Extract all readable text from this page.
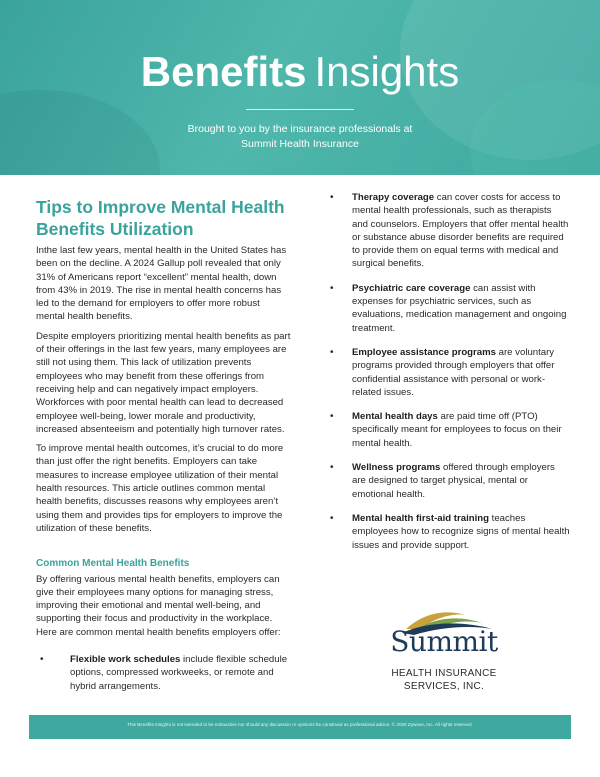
Benefits Insights
Brought to you by the insurance professionals at
Summit Health Insurance
Tips to Improve Mental Health Benefits Utilization

Inthe last few years, mental health in the United States has been on the decline. A 2024 Gallup poll revealed that only 31% of Americans report “excellent” mental health, down from 43% in 2019. The rise in mental health concerns has led to the demand for employers to offer more robust mental health benefits.

Despite employers prioritizing mental health benefits as part of their offerings in the last few years, many employees are still not using them. This lack of utilization prevents employees who may benefit from these offerings from receiving help and can negatively impact employers. Workforces with poor mental health can lead to decreased employee well-being, lower morale and productivity, increased absenteeism and potentially high turnover rates.

To improve mental health outcomes, it’s crucial to do more than just offer the right benefits. Employers can take measures to increase employee utilization of their mental health resources. This article outlines common mental health benefits, discusses reasons why employees aren’t using them and provides tips for employers to improve the utilization of these benefits.

Common Mental Health Benefits

By offering various mental health benefits, employers can give their employees many options for managing stress, improving their emotional and mental well-being, and supporting their focus and productivity in the workplace. Here are common mental health benefits employers offer:

•	Flexible work schedules include flexible schedule options, compressed workweeks, or remote and hybrid arrangements.
• Therapy coverage can cover costs for access to mental health professionals, such as therapists and counselors. Employers that offer mental health or substance abuse disorder benefits are required to provide them on equal terms with medical and surgical benefits.
• Psychiatric care coverage can assist with expenses for psychiatric services, such as evaluations, medication management and ongoing treatment.
• Employee assistance programs are voluntary programs provided through employers that offer confidential assistance with personal or work-related issues.
• Mental health days are paid time off (PTO) specifically meant for employees to focus on their mental health.
• Wellness programs offered through employers are designed to target physical, mental or emotional health.
• Mental health first-aid training teaches employees how to recognize signs of mental health issues and provide support.
Summit
HEALTH INSURANCE
SERVICES, INC.
This Benefits Insights is not intended to be exhaustive nor should any discussion or opinions be construed as professional advice. © 2025 Zywave, Inc. All rights reserved.
